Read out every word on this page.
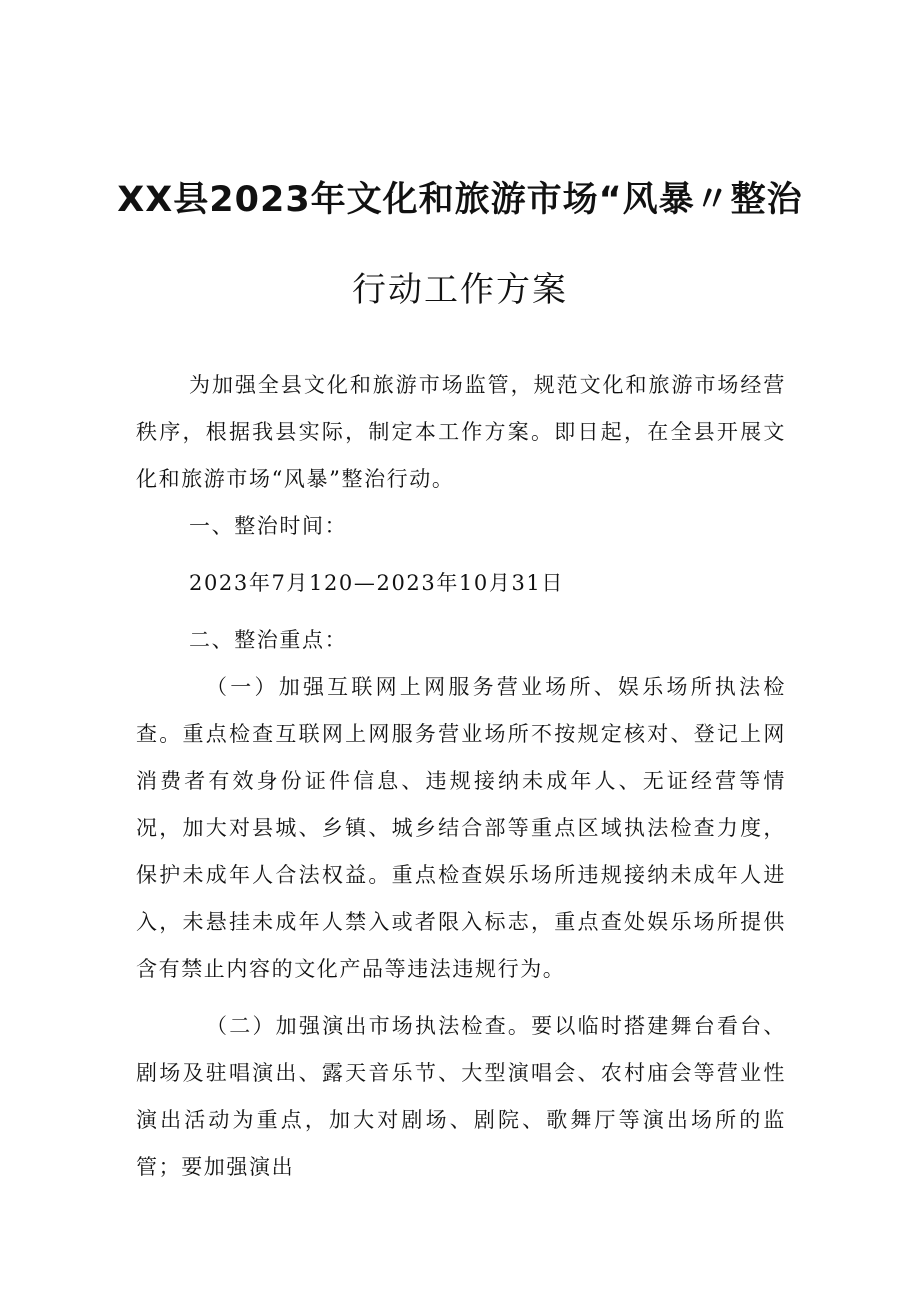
XX县2023年文化和旅游市场“风暴〃整治
行动工作方案

为加强全县文化和旅游市场监管，规范文化和旅游市场经营秩序，根据我县实际，制定本工作方案。即日起，在全县开展文化和旅游市场“风暴”整治行动。

一、整治时间：

2023年7月120—2023年10月31日

二、整治重点：

（一）加强互联网上网服务营业场所、娱乐场所执法检查。重点检查互联网上网服务营业场所不按规定核对、登记上网消费者有效身份证件信息、违规接纳未成年人、无证经营等情况，加大对县城、乡镇、城乡结合部等重点区域执法检查力度，保护未成年人合法权益。重点检查娱乐场所违规接纳未成年人进入，未悬挂未成年人禁入或者限入标志，重点查处娱乐场所提供含有禁止内容的文化产品等违法违规行为。

（二）加强演出市场执法检查。要以临时搭建舞台看台、剧场及驻唱演出、露天音乐节、大型演唱会、农村庙会等营业性演出活动为重点，加大对剧场、剧院、歌舞厅等演出场所的监管；要加强演出
